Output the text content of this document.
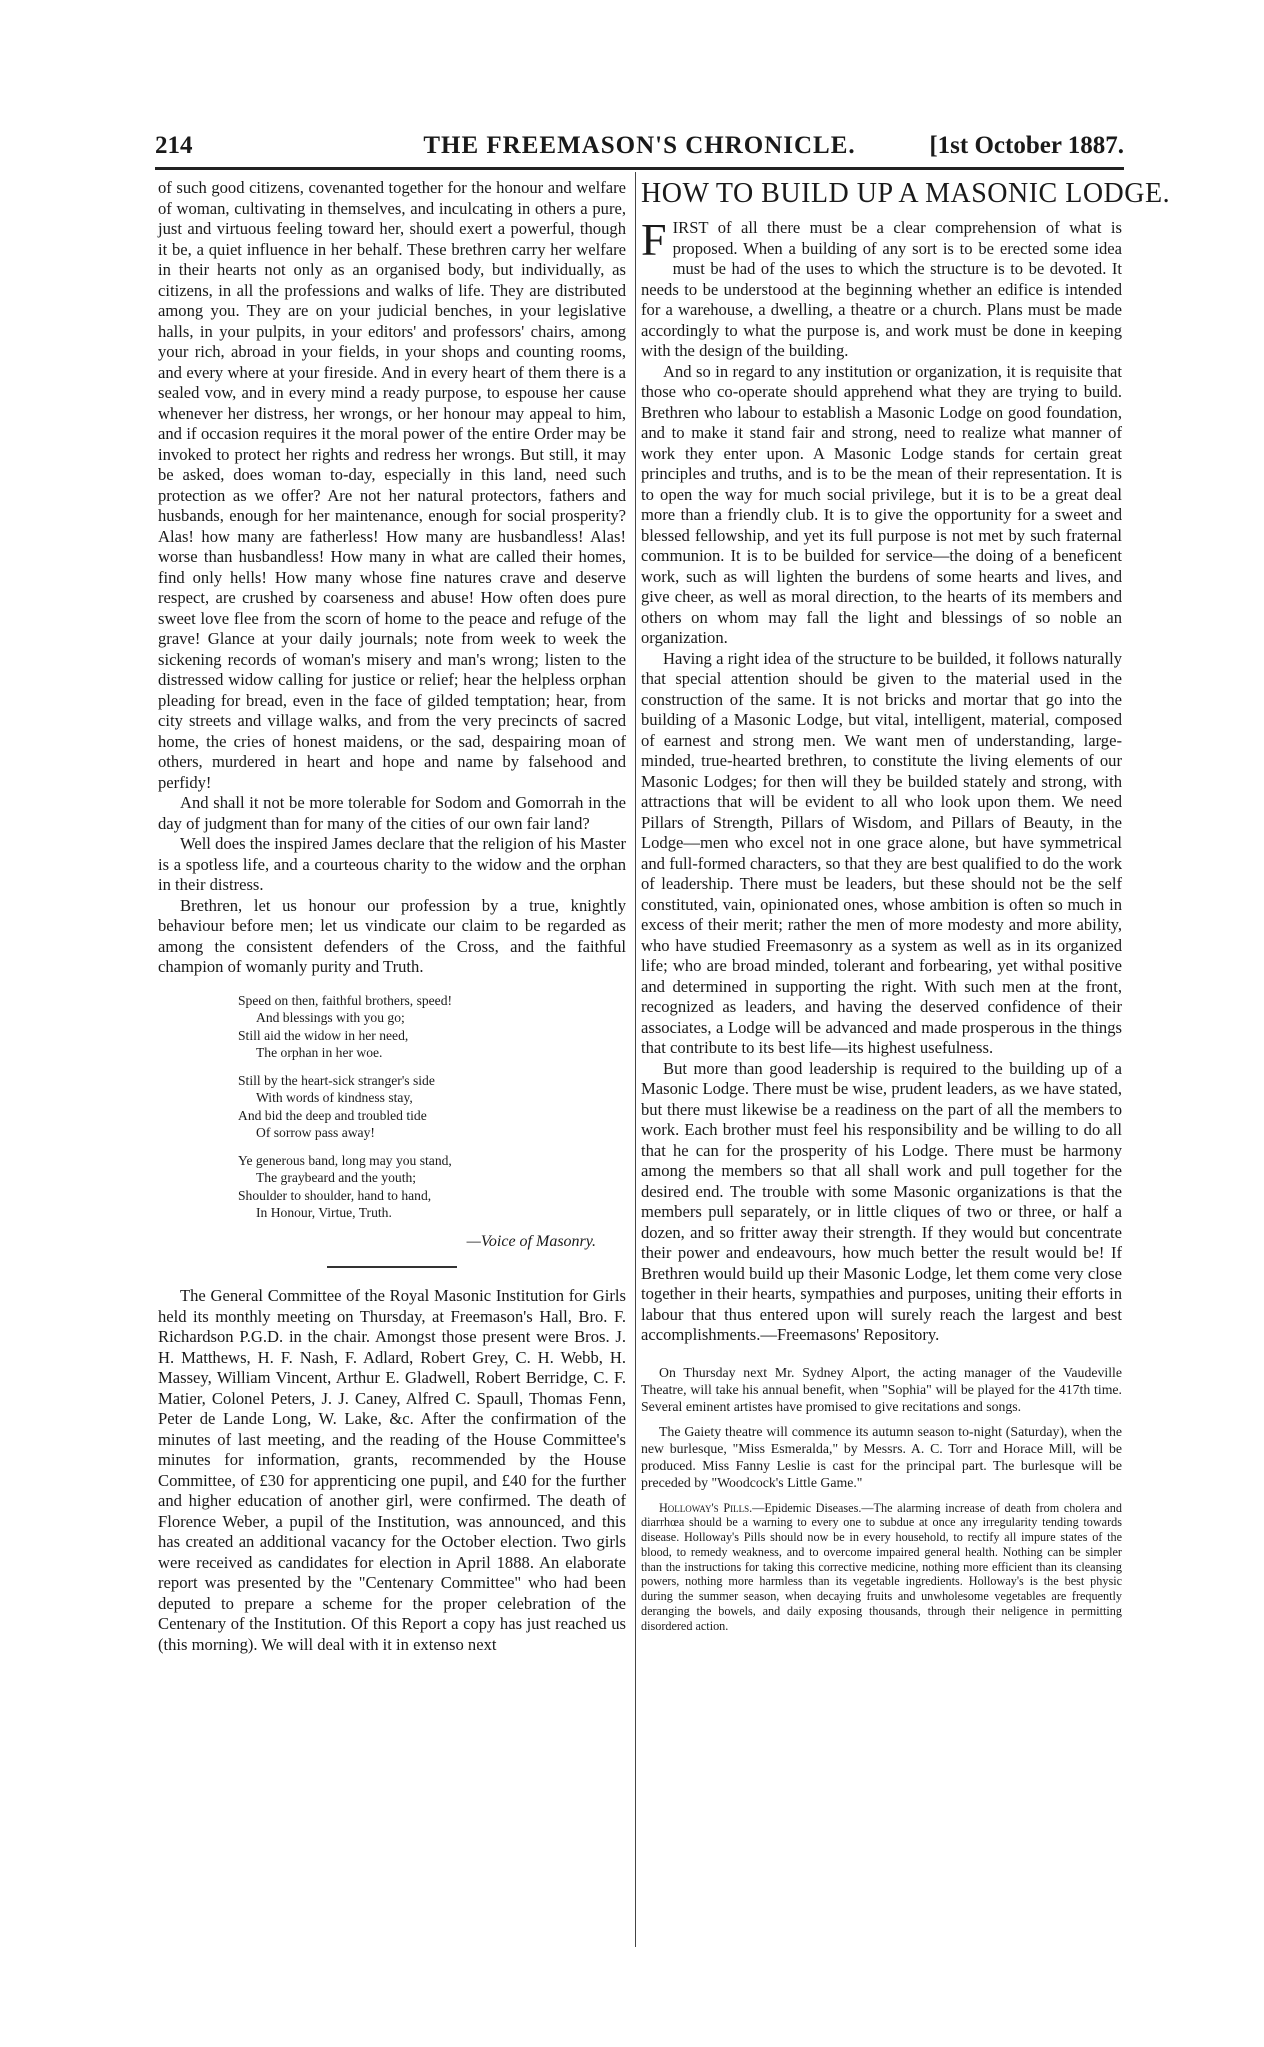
214	THE FREEMASON'S CHRONICLE.	[1st October 1887.

of such good citizens, covenanted together for the honour and welfare of woman, cultivating in themselves, and inculcating in others a pure, just and virtuous feeling toward her, should exert a powerful, though it be, a quiet influence in her behalf. These brethren carry her welfare in their hearts not only as an organised body, but individually, as citizens, in all the professions and walks of life. They are distributed among you. They are on your judicial benches, in your legislative halls, in your pulpits, in your editors' and professors' chairs, among your rich, abroad in your fields, in your shops and counting rooms, and every where at your fireside. And in every heart of them there is a sealed vow, and in every mind a ready purpose, to espouse her cause whenever her distress, her wrongs, or her honour may appeal to him, and if occasion requires it the moral power of the entire Order may be invoked to protect her rights and redress her wrongs. But still, it may be asked, does woman to-day, especially in this land, need such protection as we offer? Are not her natural protectors, fathers and husbands, enough for her maintenance, enough for social prosperity? Alas! how many are fatherless! How many are husbandless! Alas! worse than husbandless! How many in what are called their homes, find only hells! How many whose fine natures crave and deserve respect, are crushed by coarseness and abuse! How often does pure sweet love flee from the scorn of home to the peace and refuge of the grave! Glance at your daily journals; note from week to week the sickening records of woman's misery and man's wrong; listen to the distressed widow calling for justice or relief; hear the helpless orphan pleading for bread, even in the face of gilded temptation; hear, from city streets and village walks, and from the very precincts of sacred home, the cries of honest maidens, or the sad, despairing moan of others, murdered in heart and hope and name by falsehood and perfidy!

And shall it not be more tolerable for Sodom and Gomorrah in the day of judgment than for many of the cities of our own fair land?

Well does the inspired James declare that the religion of his Master is a spotless life, and a courteous charity to the widow and the orphan in their distress.

Brethren, let us honour our profession by a true, knightly behaviour before men; let us vindicate our claim to be regarded as among the consistent defenders of the Cross, and the faithful champion of womanly purity and Truth.

Speed on then, faithful brothers, speed!
And blessings with you go;
Still aid the widow in her need,
The orphan in her woe.
Still by the heart-sick stranger's side
With words of kindness stay,
And bid the deep and troubled tide
Of sorrow pass away!
Ye generous band, long may you stand,
The graybeard and the youth;
Shoulder to shoulder, hand to hand,
In Honour, Virtue, Truth.
—Voice of Masonry.

The General Committee of the Royal Masonic Institution for Girls held its monthly meeting on Thursday, at Freemason's Hall, Bro. F. Richardson P.G.D. in the chair. Amongst those present were Bros. J. H. Matthews, H. F. Nash, F. Adlard, Robert Grey, C. H. Webb, H. Massey, William Vincent, Arthur E. Gladwell, Robert Berridge, C. F. Matier, Colonel Peters, J. J. Caney, Alfred C. Spaull, Thomas Fenn, Peter de Lande Long, W. Lake, &c. After the confirmation of the minutes of last meeting, and the reading of the House Committee's minutes for information, grants, recommended by the House Committee, of £30 for apprenticing one pupil, and £40 for the further and higher education of another girl, were confirmed. The death of Florence Weber, a pupil of the Institution, was announced, and this has created an additional vacancy for the October election. Two girls were received as candidates for election in April 1888. An elaborate report was presented by the "Centenary Committee" who had been deputed to prepare a scheme for the proper celebration of the Centenary of the Institution. Of this Report a copy has just reached us (this morning). We will deal with it in extenso next

HOW TO BUILD UP A MASONIC LODGE.

FIRST of all there must be a clear comprehension of what is proposed. When a building of any sort is to be erected some idea must be had of the uses to which the structure is to be devoted. It needs to be understood at the beginning whether an edifice is intended for a warehouse, a dwelling, a theatre or a church. Plans must be made accordingly to what the purpose is, and work must be done in keeping with the design of the building.

And so in regard to any institution or organization, it is requisite that those who co-operate should apprehend what they are trying to build. Brethren who labour to establish a Masonic Lodge on good foundation, and to make it stand fair and strong, need to realize what manner of work they enter upon. A Masonic Lodge stands for certain great principles and truths, and is to be the mean of their representation. It is to open the way for much social privilege, but it is to be a great deal more than a friendly club. It is to give the opportunity for a sweet and blessed fellowship, and yet its full purpose is not met by such fraternal communion. It is to be builded for service—the doing of a beneficent work, such as will lighten the burdens of some hearts and lives, and give cheer, as well as moral direction, to the hearts of its members and others on whom may fall the light and blessings of so noble an organization.

Having a right idea of the structure to be builded, it follows naturally that special attention should be given to the material used in the construction of the same. It is not bricks and mortar that go into the building of a Masonic Lodge, but vital, intelligent, material, composed of earnest and strong men. We want men of understanding, large-minded, true-hearted brethren, to constitute the living elements of our Masonic Lodges; for then will they be builded stately and strong, with attractions that will be evident to all who look upon them. We need Pillars of Strength, Pillars of Wisdom, and Pillars of Beauty, in the Lodge—men who excel not in one grace alone, but have symmetrical and full-formed characters, so that they are best qualified to do the work of leadership. There must be leaders, but these should not be the self constituted, vain, opinionated ones, whose ambition is often so much in excess of their merit; rather the men of more modesty and more ability, who have studied Freemasonry as a system as well as in its organized life; who are broad minded, tolerant and forbearing, yet withal positive and determined in supporting the right. With such men at the front, recognized as leaders, and having the deserved confidence of their associates, a Lodge will be advanced and made prosperous in the things that contribute to its best life—its highest usefulness.

But more than good leadership is required to the building up of a Masonic Lodge. There must be wise, prudent leaders, as we have stated, but there must likewise be a readiness on the part of all the members to work. Each brother must feel his responsibility and be willing to do all that he can for the prosperity of his Lodge. There must be harmony among the members so that all shall work and pull together for the desired end. The trouble with some Masonic organizations is that the members pull separately, or in little cliques of two or three, or half a dozen, and so fritter away their strength. If they would but concentrate their power and endeavours, how much better the result would be! If Brethren would build up their Masonic Lodge, let them come very close together in their hearts, sympathies and purposes, uniting their efforts in labour that thus entered upon will surely reach the largest and best accomplishments.—Freemasons' Repository.

On Thursday next Mr. Sydney Alport, the acting manager of the Vaudeville Theatre, will take his annual benefit, when "Sophia" will be played for the 417th time. Several eminent artistes have promised to give recitations and songs.

The Gaiety theatre will commence its autumn season to-night (Saturday), when the new burlesque, "Miss Esmeralda," by Messrs. A. C. Torr and Horace Mill, will be produced. Miss Fanny Leslie is cast for the principal part. The burlesque will be preceded by "Woodcock's Little Game."

Holloway's Pills.—Epidemic Diseases.—The alarming increase of death from cholera and diarrhœa should be a warning to every one to subdue at once any irregularity tending towards disease. Holloway's Pills should now be in every household, to rectify all impure states of the blood, to remedy weakness, and to overcome impaired general health. Nothing can be simpler than the instructions for taking this corrective medicine, nothing more efficient than its cleansing powers, nothing more harmless than its vegetable ingredients. Holloway's is the best physic during the summer season, when decaying fruits and unwholesome vegetables are frequently deranging the bowels, and daily exposing thousands, through their neligence in permitting disordered action.
